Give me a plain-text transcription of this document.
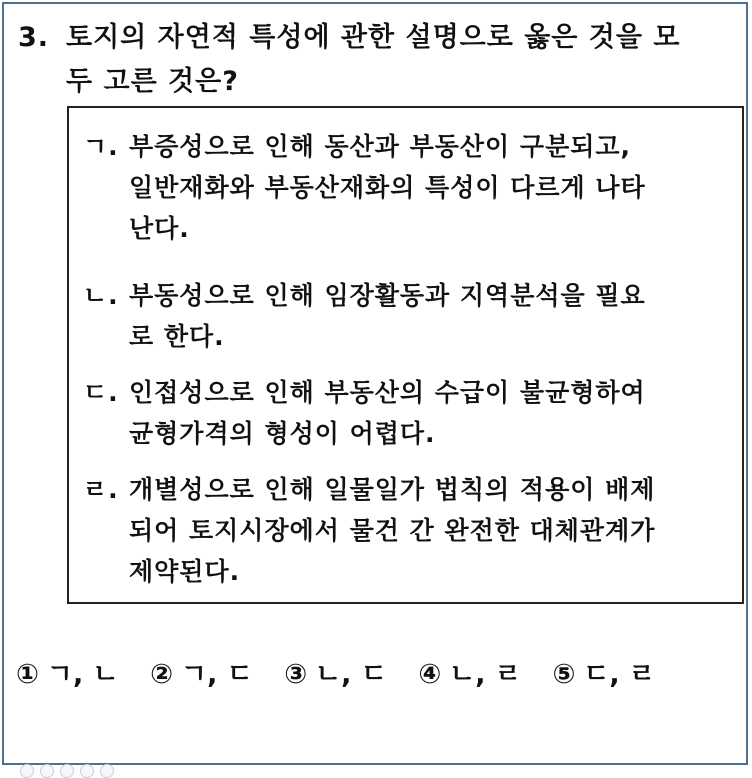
3. 토지의 자연적 특성에 관한 설명으로 옳은 것을 모
두 고른 것은?
ㄱ. 부증성으로 인해 동산과 부동산이 구분되고,
일반재화와 부동산재화의 특성이 다르게 나타
난다.
ㄴ. 부동성으로 인해 임장활동과 지역분석을 필요
로 한다.
ㄷ. 인접성으로 인해 부동산의 수급이 불균형하여
균형가격의 형성이 어렵다.
ㄹ. 개별성으로 인해 일물일가 법칙의 적용이 배제
되어 토지시장에서 물건 간 완전한 대체관계가
제약된다.
① ㄱ, ㄴ ② ㄱ, ㄷ ③ ㄴ, ㄷ ④ ㄴ, ㄹ ⑤ ㄷ, ㄹ
